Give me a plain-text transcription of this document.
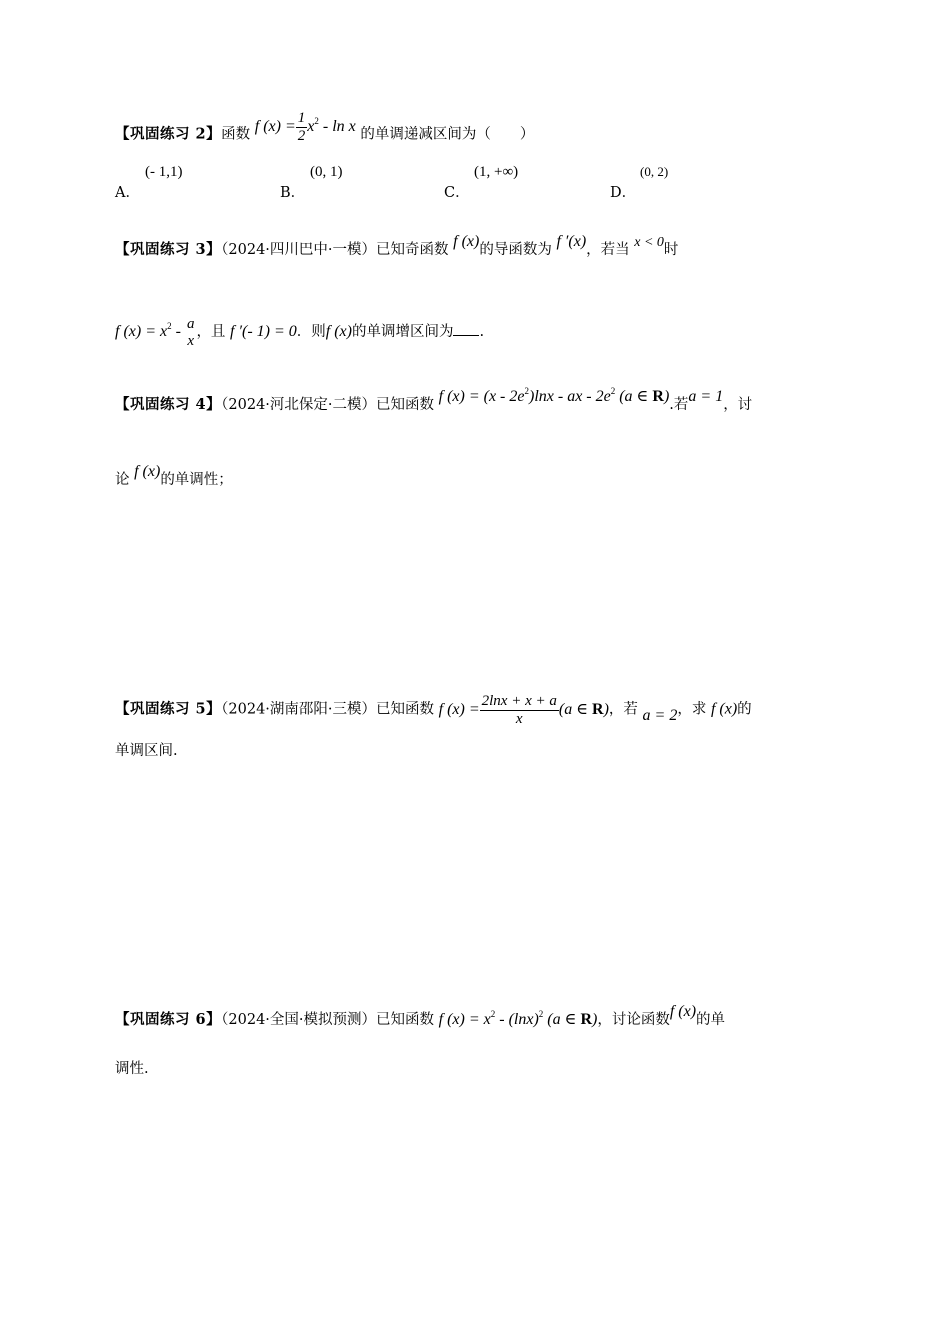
【巩固练习 2】函数 f $(x) = \frac{1}{2} x^2 - \ln x$ 的单调递减区间为（　　）
A．
(- 1,1)
B．
(0, 1)
C．
(1, +∞)
D．
(0, 2)
【巩固练习 3】（2024·四川巴中·一模）已知奇函数 f (x)的导函数为 f ′(x)，若当 x < 0时
f $(x) = x^2 - a$
x
，且 f ′(- 1) = 0．则f (x)的单调增区间为 .
【巩固练习 4】（2024·河北保定·二模）已知函数 f $(x) = (x - 2e^2)\ln x$ - ax - $2e^2$ (a ∈ R).若a = 1，讨
论 f (x)的单调性；
【巩固练习 5】（2024·湖南邵阳·三模）已知函数 f $(x) = \frac{2\ln x + x + a}{x} (a$ ∈ R)，若 a = 2，求 f (x)的
单调区间.
【巩固练习 6】（2024·全国·模拟预测）已知函数 f $(x) = x^2 - (\ln x)^2$ (a ∈ R)，讨论函数f (x)的单
调性.
